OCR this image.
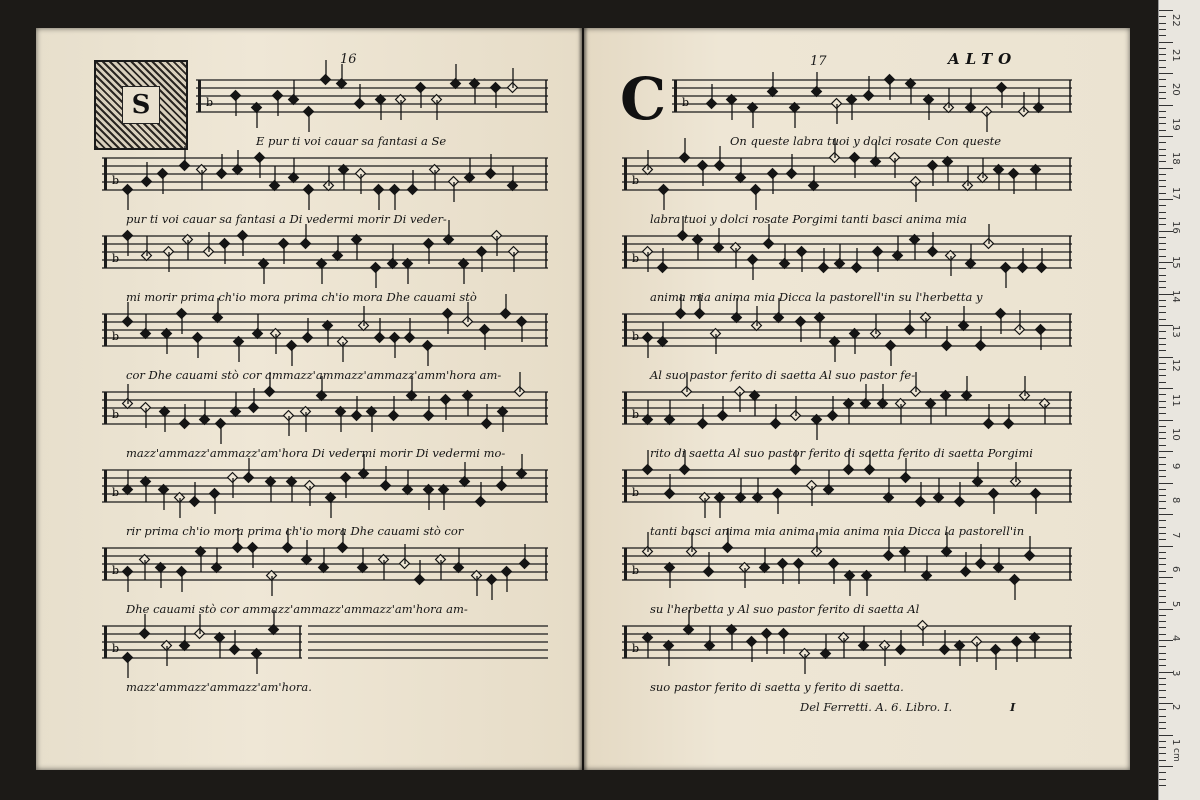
16
S
17	ALTO
C
b
b
b
b
b
b
b
b
b
b
b
b
b
b
b
b
E pur ti voi cauar sa fantasi a Se
pur ti voi cauar sa fantasi a Di vedermi morir Di veder-
mi morir prima ch'io mora prima ch'io mora Dhe cauami stò
cor Dhe cauami stò cor ammazz'ammazz'ammazz'amm'hora am-
mazz'ammazz'ammazz'am'hora Di vedermi morir Di vedermi mo-
rir prima ch'io mora prima ch'io mora Dhe cauami stò cor
Dhe cauami stò cor ammazz'ammazz'ammazz'am'hora am-
mazz'ammazz'ammazz'am'hora.
On queste labra tuoi y dolci rosate Con queste
labra tuoi y dolci rosate Porgimi tanti basci anima mia
anima mia anima mia Dicca la pastorell'in su l'herbetta y
Al suo pastor ferito di saetta Al suo pastor fe-
rito di saetta Al suo pastor ferito di saetta ferito di saetta Porgimi
tanti basci anima mia anima mia anima mia Dicca la pastorell'in
su l'herbetta y Al suo pastor ferito di saetta Al
suo pastor ferito di saetta y ferito di saetta.
Del Ferretti. A. 6. Libro. I.	I
cm
22
21
20
19
18
17
16
15
14
13
12
11
10
9
8
7
6
5
4
3
2
1
